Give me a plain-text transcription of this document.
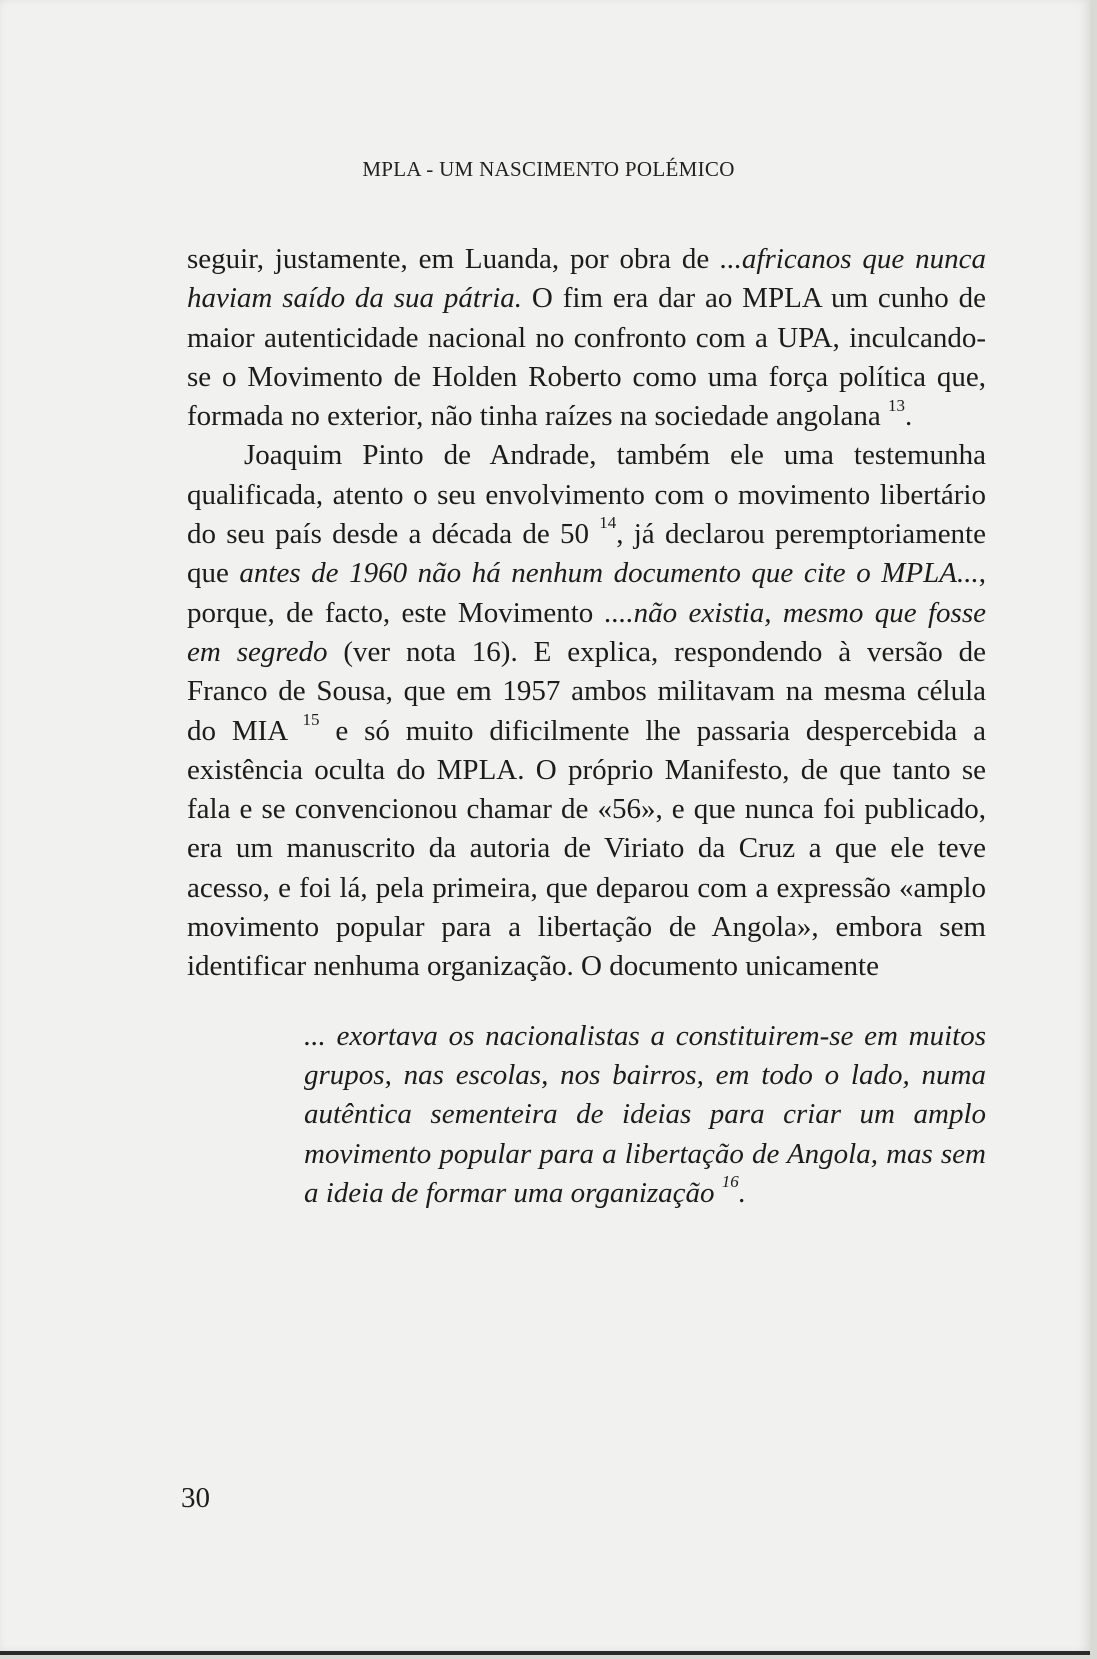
MPLA - UM NASCIMENTO POLÉMICO

seguir, justamente, em Luanda, por obra de ...africanos que nunca haviam saído da sua pátria. O fim era dar ao MPLA um cunho de maior autenticidade nacional no confronto com a UPA, inculcando-se o Movimento de Holden Roberto como uma força política que, formada no exterior, não tinha raízes na sociedade angolana $^{13}$.

Joaquim Pinto de Andrade, também ele uma testemunha qualificada, atento o seu envolvimento com o movimento libertário do seu país desde a década de 50 $^{14}$, já declarou peremptoriamente que antes de 1960 não há nenhum documento que cite o MPLA..., porque, de facto, este Movimento ....não existia, mesmo que fosse em segredo (ver nota 16). E explica, respondendo à versão de Franco de Sousa, que em 1957 ambos militavam na mesma célula do MIA $^{15}$ e só muito dificilmente lhe passaria despercebida a existência oculta do MPLA. O próprio Manifesto, de que tanto se fala e se convencionou chamar de «56», e que nunca foi publicado, era um manuscrito da autoria de Viriato da Cruz a que ele teve acesso, e foi lá, pela primeira, que deparou com a expressão «amplo movimento popular para a libertação de Angola», embora sem identificar nenhuma organização. O documento unicamente

... exortava os nacionalistas a constituirem-se em muitos grupos, nas escolas, nos bairros, em todo o lado, numa autêntica sementeira de ideias para criar um amplo movimento popular para a libertação de Angola, mas sem a ideia de formar uma organização $^{16}$.

30
